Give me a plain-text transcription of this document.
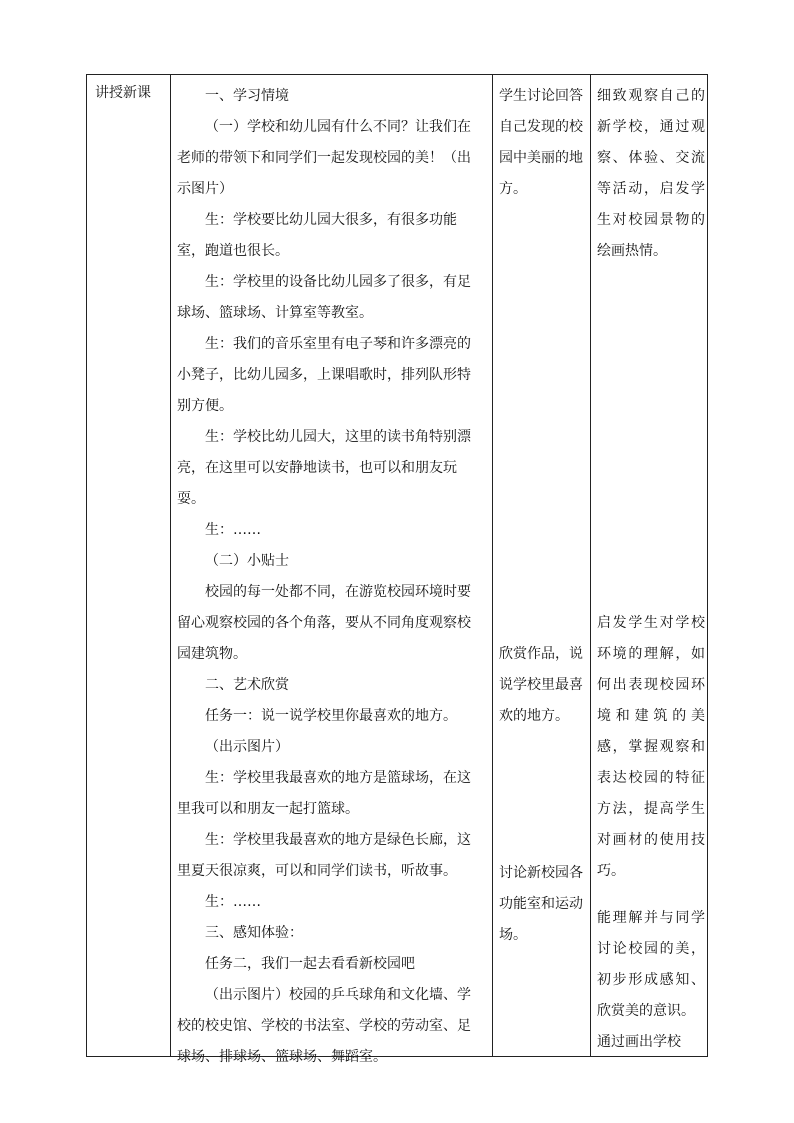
讲授新课	一、学习情境

（一）学校和幼儿园有什么不同？让我们在老师的带领下和同学们一起发现校园的美！（出示图片）

生：学校要比幼儿园大很多，有很多功能室，跑道也很长。

生：学校里的设备比幼儿园多了很多，有足球场、篮球场、计算室等教室。

生：我们的音乐室里有电子琴和许多漂亮的小凳子，比幼儿园多，上课唱歌时，排列队形特别方便。

生：学校比幼儿园大，这里的读书角特别漂亮，在这里可以安静地读书，也可以和朋友玩耍。

生：……

（二）小贴士

校园的每一处都不同，在游览校园环境时要留心观察校园的各个角落，要从不同角度观察校园建筑物。

二、艺术欣赏

任务一：说一说学校里你最喜欢的地方。

（出示图片）

生：学校里我最喜欢的地方是篮球场，在这里我可以和朋友一起打篮球。

生：学校里我最喜欢的地方是绿色长廊，这里夏天很凉爽，可以和同学们读书，听故事。

生：……

三、感知体验：

任务二，我们一起去看看新校园吧

（出示图片）校园的乒乓球角和文化墙、学校的校史馆、学校的书法室、学校的劳动室、足球场、排球场、篮球场、舞蹈室。

学生讨论回答自己发现的校园中美丽的地方。

欣赏作品，说说学校里最喜欢的地方。

讨论新校园各功能室和运动场。

细致观察自己的新学校，通过观察、体验、交流等活动，启发学生对校园景物的绘画热情。

启发学生对学校环境的理解，如何出表现校园环境和建筑的美感，掌握观察和表达校园的特征方法，提高学生对画材的使用技巧。

能理解并与同学讨论校园的美，初步形成感知、欣赏美的意识。

通过画出学校
